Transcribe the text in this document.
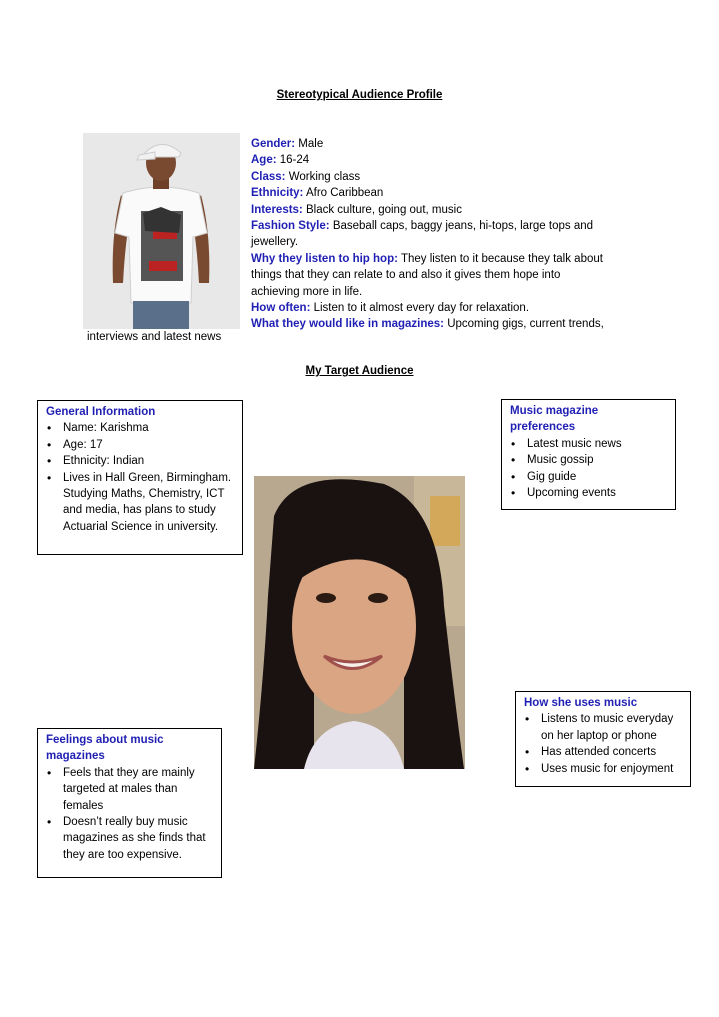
Stereotypical Audience Profile
Gender: Male
Age: 16-24
Class: Working class
Ethnicity: Afro Caribbean
Interests: Black culture, going out, music
Fashion Style: Baseball caps, baggy jeans, hi-tops, large tops and
jewellery.
Why they listen to hip hop: They listen to it because they talk about
things that they can relate to and also it gives them hope into
achieving more in life.
How often: Listen to it almost every day for relaxation.
What they would like in magazines: Upcoming gigs, current trends,
interviews and latest news
My Target Audience
General Information
• Name: Karishma
• Age: 17
• Ethnicity: Indian
• Lives in Hall Green, Birmingham. Studying Maths, Chemistry, ICT and media, has plans to study Actuarial Science in university.
Music magazine preferences
• Latest music news
• Music gossip
• Gig guide
• Upcoming events
How she uses music
• Listens to music everyday on her laptop or phone
• Has attended concerts
• Uses music for enjoyment
Feelings about music magazines
• Feels that they are mainly targeted at males than females
• Doesn’t really buy music magazines as she finds that they are too expensive.
